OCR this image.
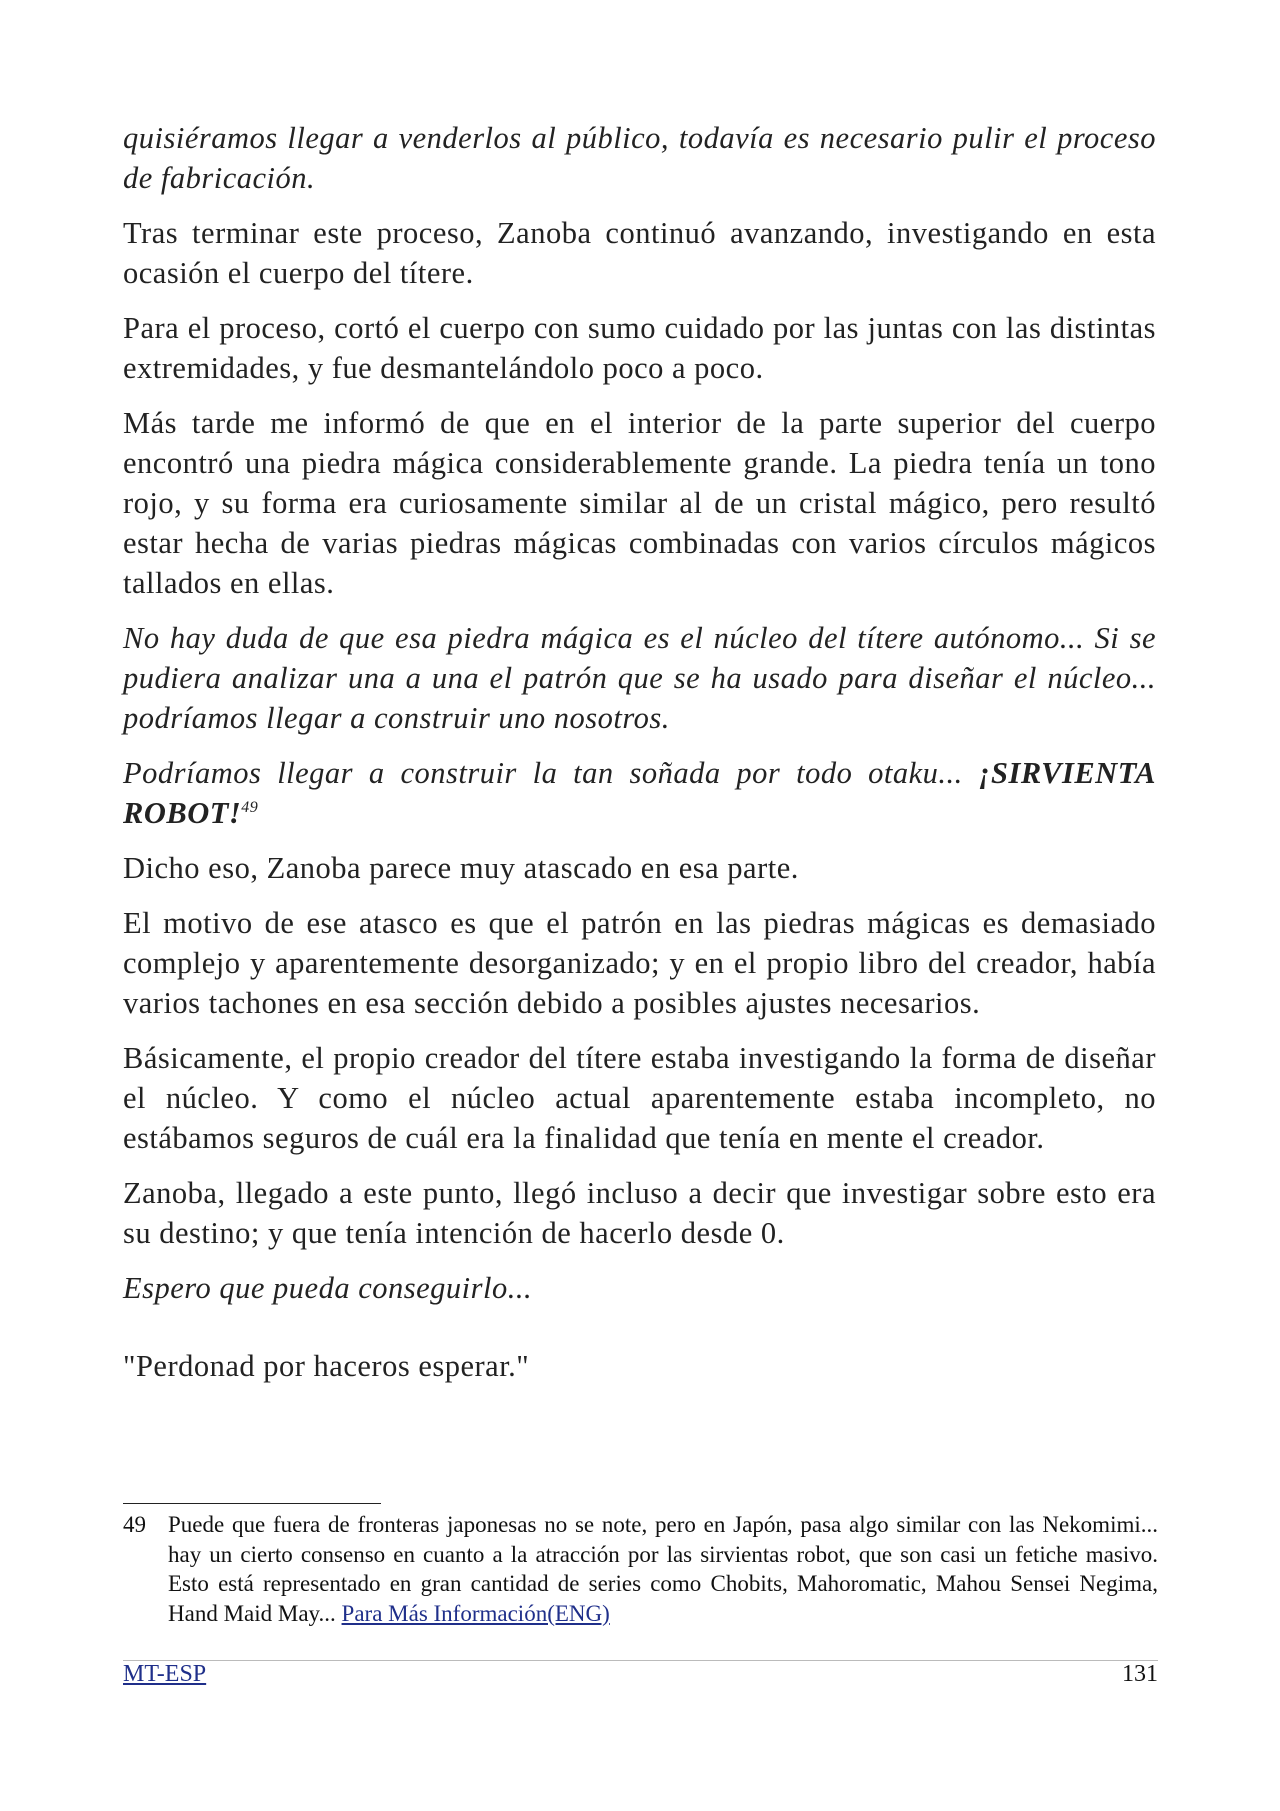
quisiéramos llegar a venderlos al público, todavía es necesario pulir el proceso de fabricación.

Tras terminar este proceso, Zanoba continuó avanzando, investigando en esta ocasión el cuerpo del títere.

Para el proceso, cortó el cuerpo con sumo cuidado por las juntas con las distintas extremidades, y fue desmantelándolo poco a poco.

Más tarde me informó de que en el interior de la parte superior del cuerpo encontró una piedra mágica considerablemente grande. La piedra tenía un tono rojo, y su forma era curiosamente similar al de un cristal mágico, pero resultó estar hecha de varias piedras mágicas combinadas con varios círculos mágicos tallados en ellas.

No hay duda de que esa piedra mágica es el núcleo del títere autónomo... Si se pudiera analizar una a una el patrón que se ha usado para diseñar el núcleo... podríamos llegar a construir uno nosotros.

Podríamos llegar a construir la tan soñada por todo otaku... ¡SIRVIENTA ROBOT!$^{49}$

Dicho eso, Zanoba parece muy atascado en esa parte.

El motivo de ese atasco es que el patrón en las piedras mágicas es demasiado complejo y aparentemente desorganizado; y en el propio libro del creador, había varios tachones en esa sección debido a posibles ajustes necesarios.

Básicamente, el propio creador del títere estaba investigando la forma de diseñar el núcleo. Y como el núcleo actual aparentemente estaba incompleto, no estábamos seguros de cuál era la finalidad que tenía en mente el creador.

Zanoba, llegado a este punto, llegó incluso a decir que investigar sobre esto era su destino; y que tenía intención de hacerlo desde 0.

Espero que pueda conseguirlo...

"Perdonad por haceros esperar."

49 Puede que fuera de fronteras japonesas no se note, pero en Japón, pasa algo similar con las Nekomimi... hay un cierto consenso en cuanto a la atracción por las sirvientas robot, que son casi un fetiche masivo. Esto está representado en gran cantidad de series como Chobits, Mahoromatic, Mahou Sensei Negima, Hand Maid May... Para Más Información(ENG)
MT-ESP	131
